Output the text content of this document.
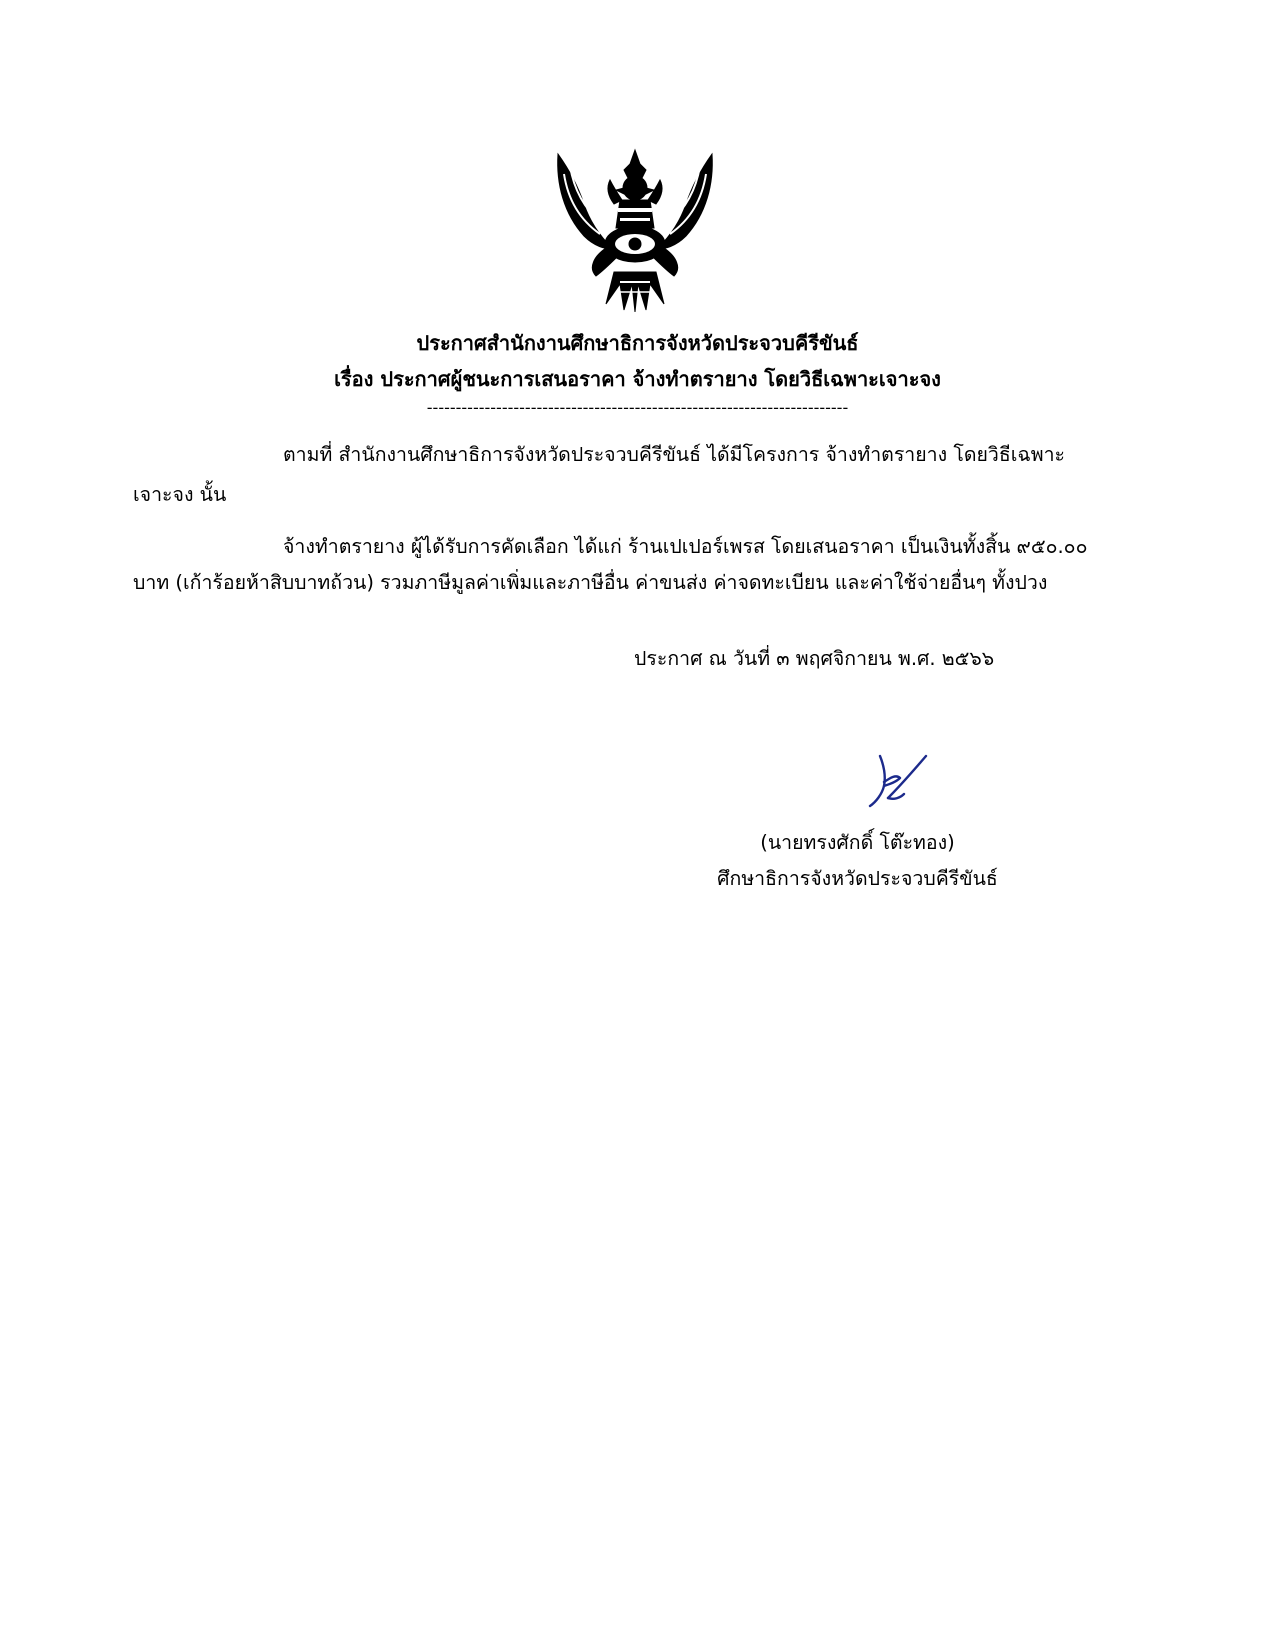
ประกาศสำนักงานศึกษาธิการจังหวัดประจวบคีรีขันธ์
เรื่อง ประกาศผู้ชนะการเสนอราคา จ้างทำตรายาง โดยวิธีเฉพาะเจาะจง
-------------------------------------------------------------------------
ตามที่ สำนักงานศึกษาธิการจังหวัดประจวบคีรีขันธ์ ได้มีโครงการ จ้างทำตรายาง โดยวิธีเฉพาะ
เจาะจง นั้น
จ้างทำตรายาง ผู้ได้รับการคัดเลือก ได้แก่ ร้านเปเปอร์เพรส โดยเสนอราคา เป็นเงินทั้งสิ้น ๙๕๐.๐๐
บาท (เก้าร้อยห้าสิบบาทถ้วน) รวมภาษีมูลค่าเพิ่มและภาษีอื่น ค่าขนส่ง ค่าจดทะเบียน และค่าใช้จ่ายอื่นๆ ทั้งปวง
ประกาศ ณ วันที่ ๓ พฤศจิกายน พ.ศ. ๒๕๖๖
(นายทรงศักดิ์ โต๊ะทอง)
ศึกษาธิการจังหวัดประจวบคีรีขันธ์
